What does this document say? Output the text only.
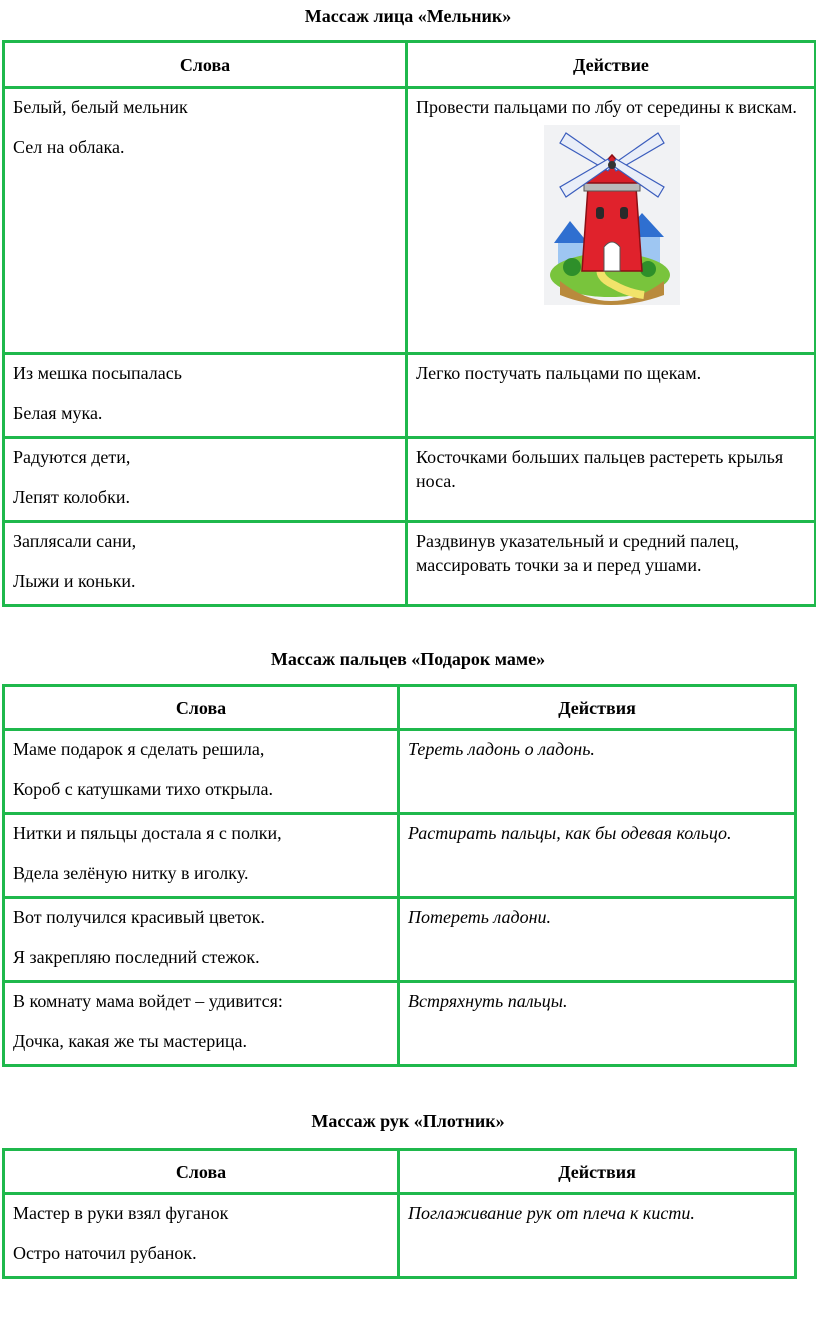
Массаж лица «Мельник»
Слова	Действие

Белый, белый мельник
Сел на облака.	Провести пальцами по лбу от середины к вискам.

Из мешка посыпалась
Белая мука.	Легко постучать пальцами по щекам.

Радуются дети,
Лепят колобки.	Косточками больших пальцев растереть крылья носа.

Заплясали сани,
Лыжи и коньки.	Раздвинув указательный и средний палец, массировать точки за и перед ушами.
Массаж пальцев «Подарок маме»
Слова	Действия

Маме подарок я сделать решила,
Короб с катушками тихо открыла.	Тереть ладонь о ладонь.

Нитки и пяльцы достала я с полки,
Вдела зелёную нитку в иголку.	Растирать пальцы, как бы одевая кольцо.

Вот получился красивый цветок.
Я закрепляю последний стежок.	Потереть ладони.

В комнату мама войдет – удивится:
Дочка, какая же ты мастерица.	Встряхнуть пальцы.
Массаж рук «Плотник»
Слова	Действия

Мастер в руки взял фуганок
Остро наточил рубанок.	Поглаживание рук от плеча к кисти.
